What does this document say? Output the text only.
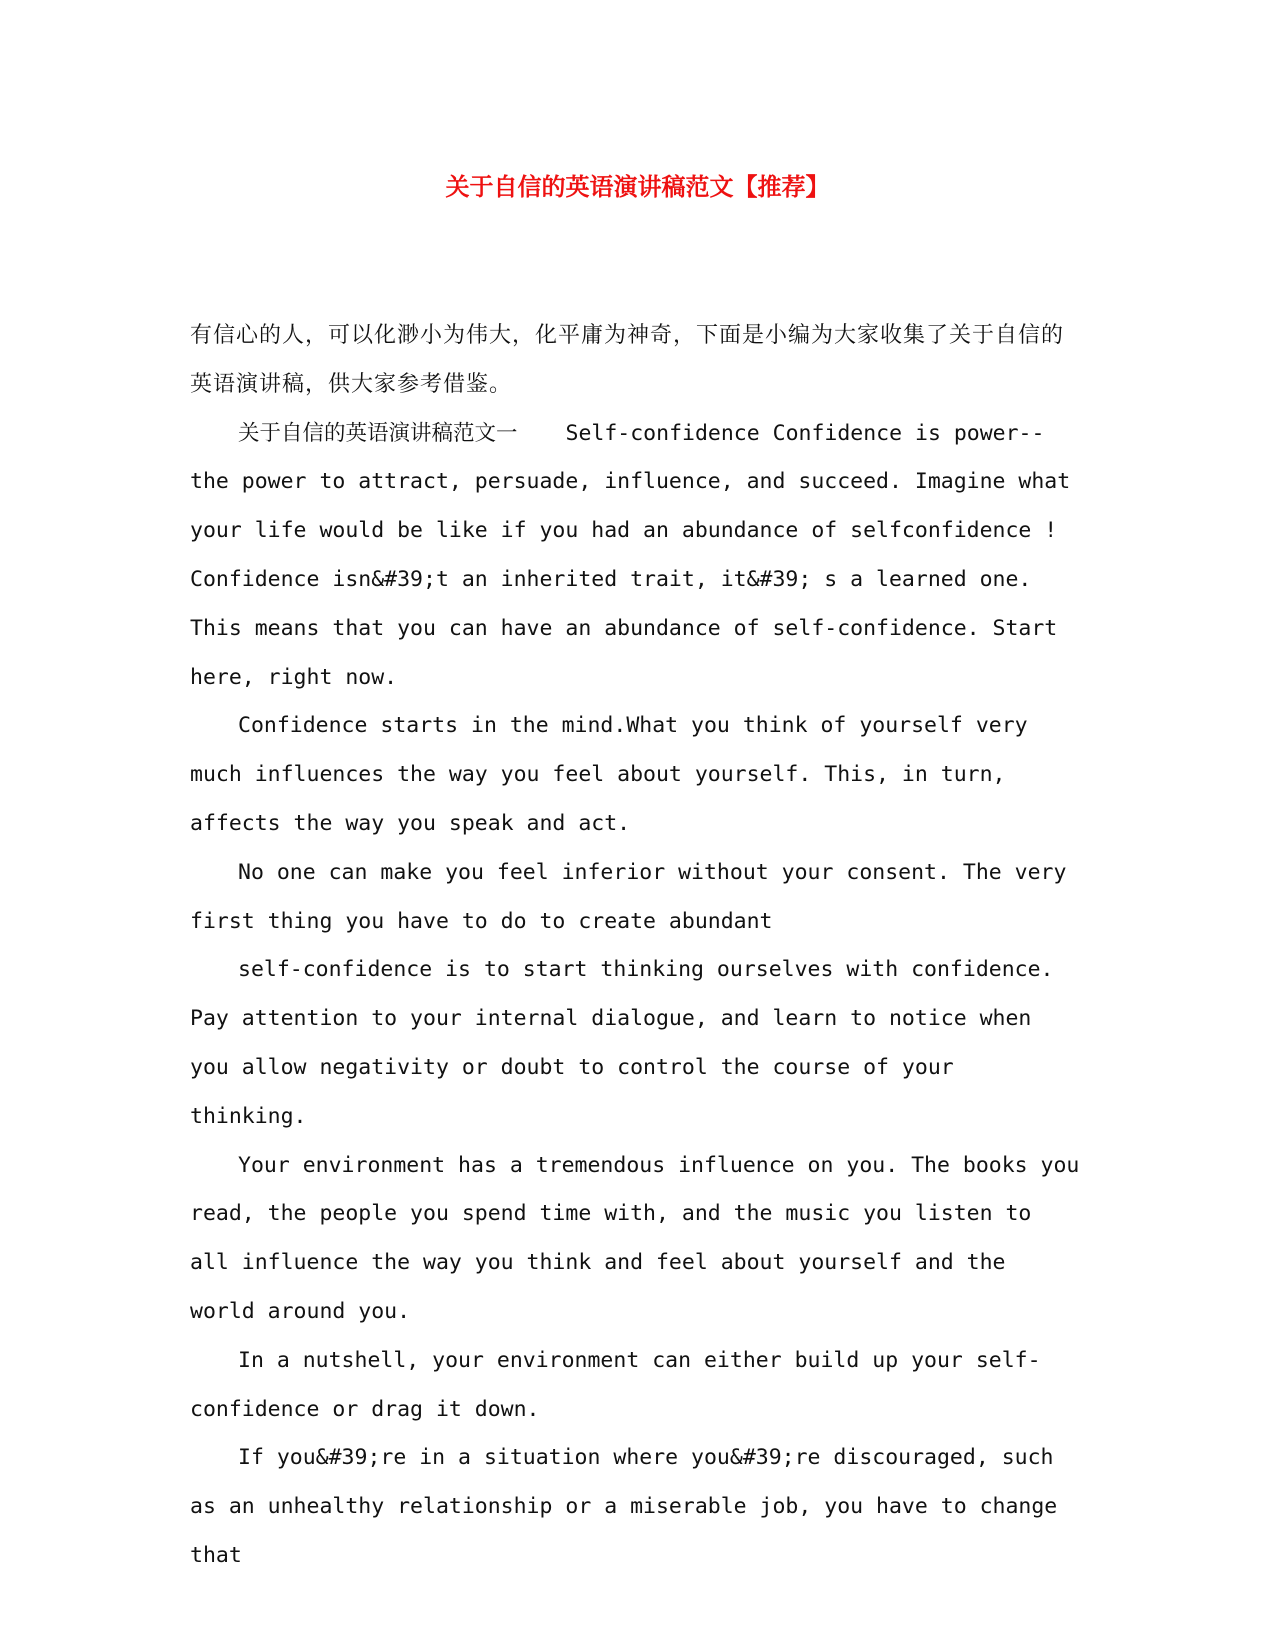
关于自信的英语演讲稿范文【推荐】

有信心的人，可以化渺小为伟大，化平庸为神奇，下面是小编为大家收集了关于自信的英语演讲稿，供大家参考借鉴。

关于自信的英语演讲稿范文一 Self-confidence Confidence is power--the power to attract, persuade, influence, and succeed. Imagine what your life would be like if you had an abundance of selfconfidence ! Confidence isn&#39;t an inherited trait, it&#39; s a learned one. This means that you can have an abundance of self-confidence. Start here, right now.

Confidence starts in the mind.What you think of yourself very much influences the way you feel about yourself. This, in turn, affects the way you speak and act.

No one can make you feel inferior without your consent. The very first thing you have to do to create abundant

self-confidence is to start thinking ourselves with confidence. Pay attention to your internal dialogue, and learn to notice when you allow negativity or doubt to control the course of your thinking.

Your environment has a tremendous influence on you. The books you read, the people you spend time with, and the music you listen to all influence the way you think and feel about yourself and the world around you.

In a nutshell, your environment can either build up your self-confidence or drag it down.

If you&#39;re in a situation where you&#39;re discouraged, such as an unhealthy relationship or a miserable job, you have to change that
